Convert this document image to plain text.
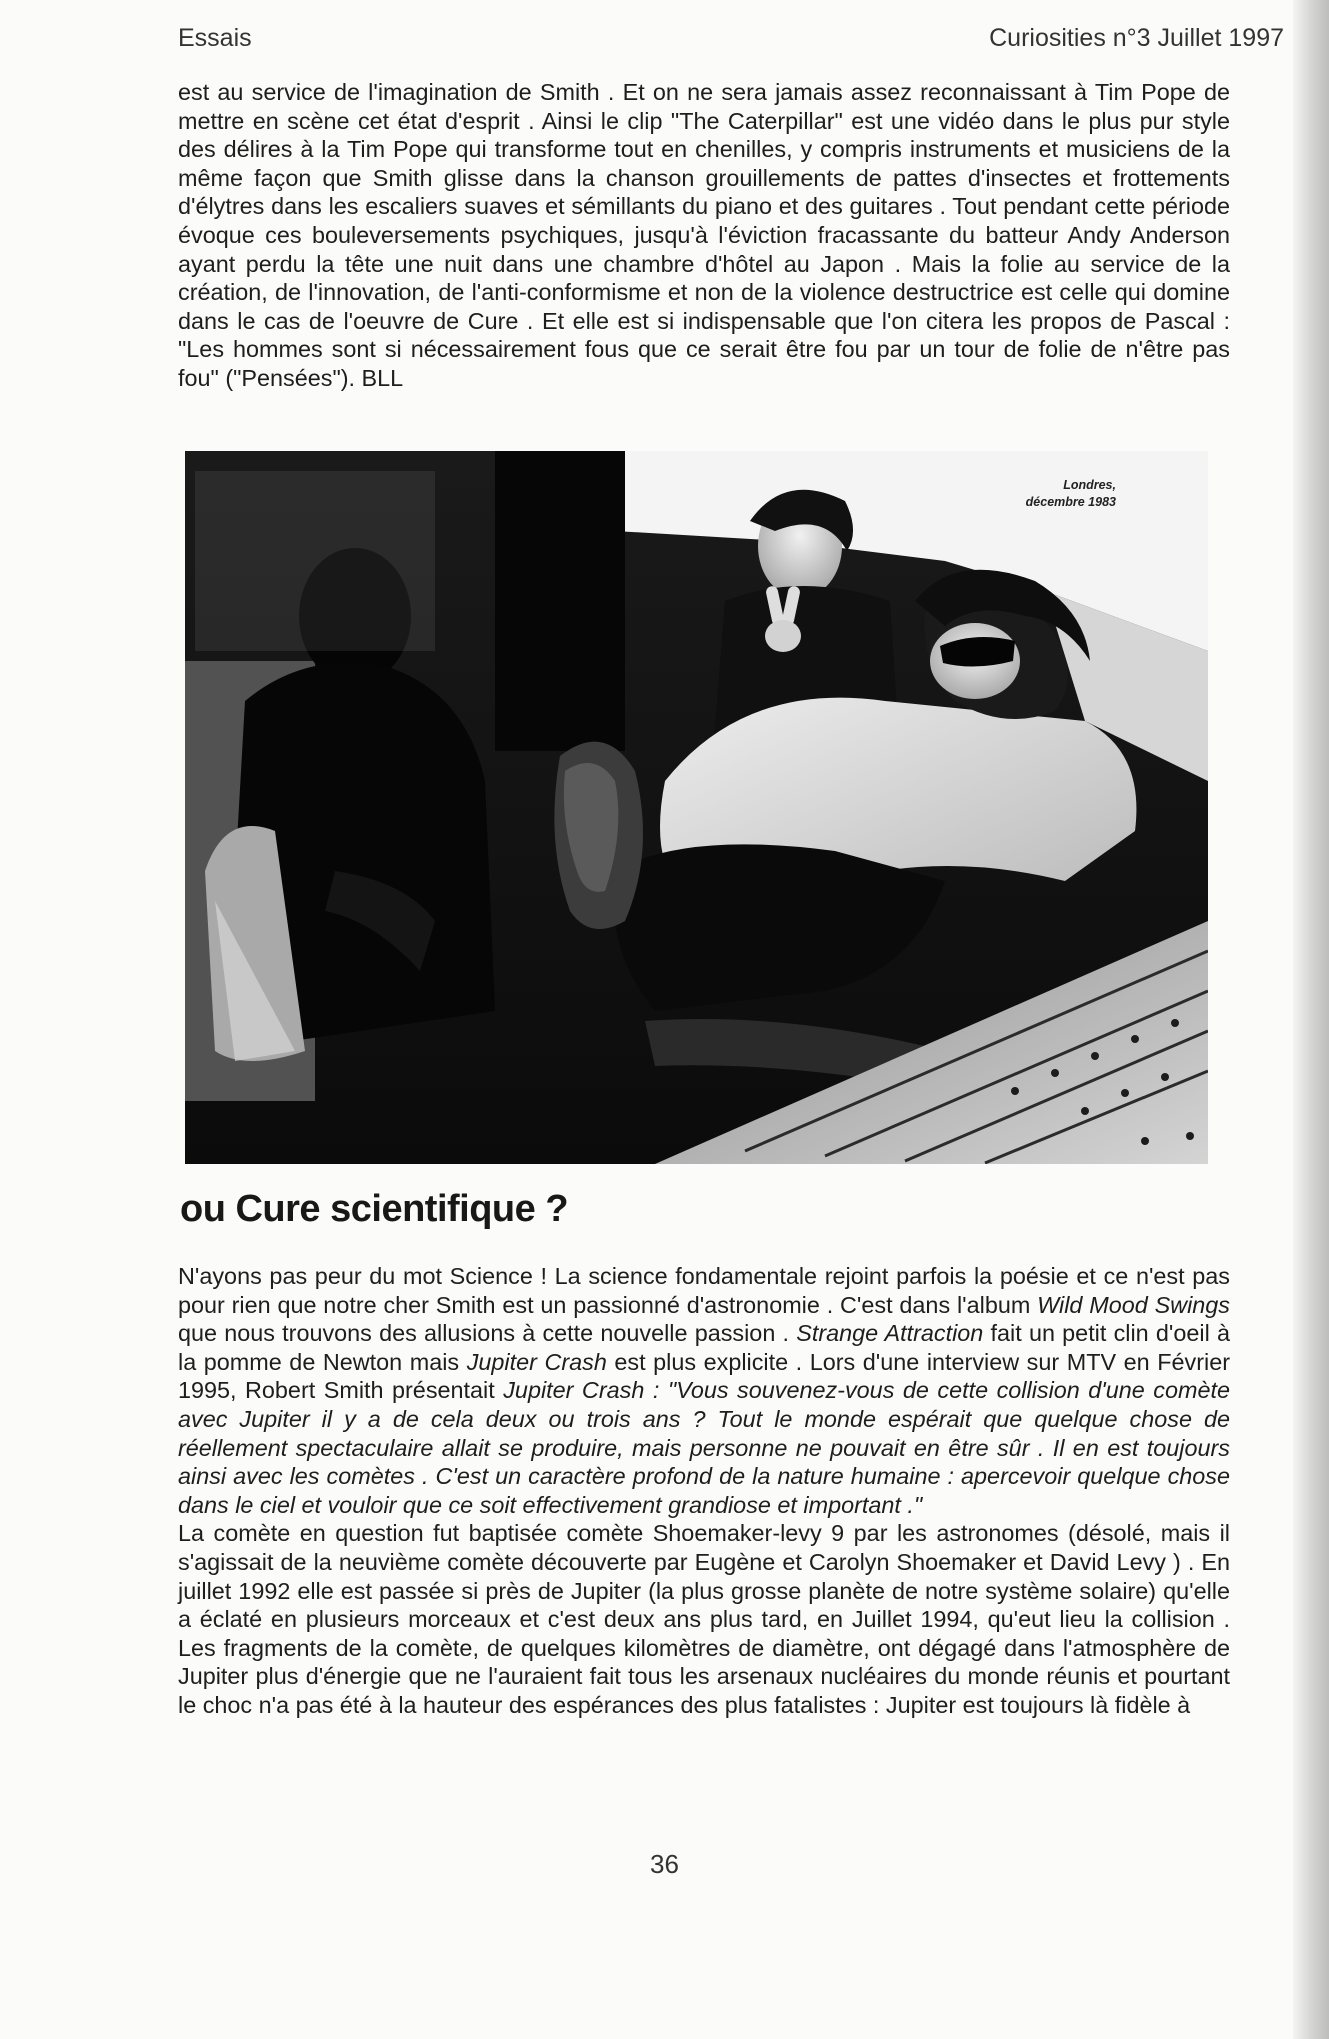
Essais	Curiosities n°3 Juillet 1997

est au service de l'imagination de Smith . Et on ne sera jamais assez reconnaissant à Tim Pope de mettre en scène cet état d'esprit . Ainsi le clip "The Caterpillar" est une vidéo dans le plus pur style des délires à la Tim Pope qui transforme tout en chenilles, y compris instruments et musiciens de la même façon que Smith glisse dans la chanson grouillements de pattes d'insectes et frottements d'élytres dans les escaliers suaves et sémillants du piano et des guitares . Tout pendant cette période évoque ces bouleversements psychiques, jusqu'à l'éviction fracassante du batteur Andy Anderson ayant perdu la tête une nuit dans une chambre d'hôtel au Japon . Mais la folie au service de la création, de l'innovation, de l'anti-conformisme et non de la violence destructrice est celle qui domine dans le cas de l'oeuvre de Cure . Et elle est si indispensable que l'on citera les propos de Pascal : "Les hommes sont si nécessairement fous que ce serait être fou par un tour de folie de n'être pas fou" ("Pensées"). BLL

Londres,
décembre 1983
ou Cure scientifique ?

N'ayons pas peur du mot Science ! La science fondamentale rejoint parfois la poésie et ce n'est pas pour rien que notre cher Smith est un passionné d'astronomie . C'est dans l'album Wild Mood Swings que nous trouvons des allusions à cette nouvelle passion . Strange Attraction fait un petit clin d'oeil à la pomme de Newton mais Jupiter Crash est plus explicite . Lors d'une interview sur MTV en Février 1995, Robert Smith présentait Jupiter Crash : "Vous souvenez-vous de cette collision d'une comète avec Jupiter il y a de cela deux ou trois ans ? Tout le monde espérait que quelque chose de réellement spectaculaire allait se produire, mais personne ne pouvait en être sûr . Il en est toujours ainsi avec les comètes . C'est un caractère profond de la nature humaine : apercevoir quelque chose dans le ciel et vouloir que ce soit effectivement grandiose et important ."

La comète en question fut baptisée comète Shoemaker-levy 9 par les astronomes (désolé, mais il s'agissait de la neuvième comète découverte par Eugène et Carolyn Shoemaker et David Levy ) . En juillet 1992 elle est passée si près de Jupiter (la plus grosse planète de notre système solaire) qu'elle a éclaté en plusieurs morceaux et c'est deux ans plus tard, en Juillet 1994, qu'eut lieu la collision . Les fragments de la comète, de quelques kilomètres de diamètre, ont dégagé dans l'atmosphère de Jupiter plus d'énergie que ne l'auraient fait tous les arsenaux nucléaires du monde réunis et pourtant le choc n'a pas été à la hauteur des espérances des plus fatalistes : Jupiter est toujours là fidèle à

36
